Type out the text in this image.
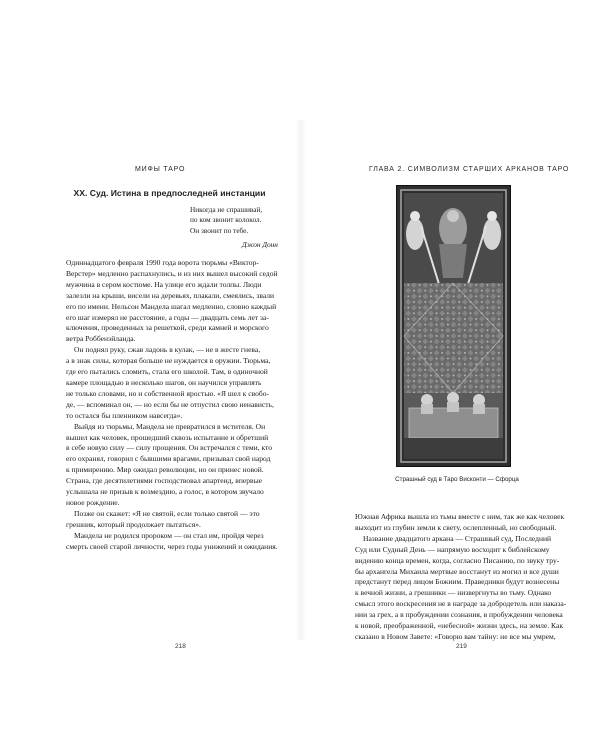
МИФЫ ТАРО
XX. Суд. Истина в предпоследней инстанции
Никогда не спрашивай,
по ком звонит колокол.
Он звонит по тебе.
Джон Донн
Одиннадцатого февраля 1990 года ворота тюрьмы «Виктор-
Верстер» медленно распахнулись, и из них вышел высокий седой
мужчина в сером костюме. На улице его ждали толпы. Люди
залезли на крыши, висели на деревьях, плакали, смеялись, звали
его по имени. Нельсон Мандела шагал медленно, словно каждый
его шаг измерял не расстояние, а годы — двадцать семь лет за-
ключения, проведенных за решеткой, среди камней и морского
ветра Роббенэйланда.
Он поднял руку, сжав ладонь в кулак, — не в жесте гнева,
а в знак силы, которая больше не нуждается в оружии. Тюрьма,
где его пытались сломить, стала его школой. Там, в одиночной
камере площадью в несколько шагов, он научился управлять
не только словами, но и собственной яростью. «Я шел к свобо-
де, — вспоминал он, — но если бы не отпустил свою ненависть,
то остался бы пленником навсегда».
Выйдя из тюрьмы, Мандела не превратился в мстителя. Он
вышел как человек, прошедший сквозь испытание и обретший
в себе новую силу — силу прощения. Он встречался с теми, кто
его охранял, говорил с бывшими врагами, призывал свой народ
к примирению. Мир ожидал революции, но он принес новой.
Страна, где десятилетиями господствовал апартеид, впервые
услышала не призыв к возмездию, а голос, в котором звучало
новое рождение.
Позже он скажет: «Я не святой, если только святой — это
грешник, который продолжает пытаться».
Мандела не родился пророком — он стал им, пройдя через
смерть своей старой личности, через годы унижений и ожидания.
218
ГЛАВА 2. СИМВОЛИЗМ СТАРШИХ АРКАНОВ ТАРО
Страшный суд в Таро Висконти — Сфорца
Южная Африка вышла из тьмы вместе с ним, так же как человек
выходит из глубин земли к свету, ослепленный, но свободный.
Название двадцатого аркана — Страшный суд, Последний
Суд или Судный День — напрямую восходит к библейскому
видению конца времен, когда, согласно Писанию, по звуку тру-
бы архангела Михаила мертвые восстанут из могил и все души
предстанут перед лицом Божиим. Праведники будут вознесены
к вечной жизни, а грешники — низвергнуты во тьму. Однако
смысл этого воскресения не в награде за добродетель или наказа-
нии за грех, а в пробуждении сознания, в пробуждении человека
к новой, преображенной, «небесной» жизни здесь, на земле. Как
сказано в Новом Завете: «Говорю вам тайну: не все мы умрем,
219
